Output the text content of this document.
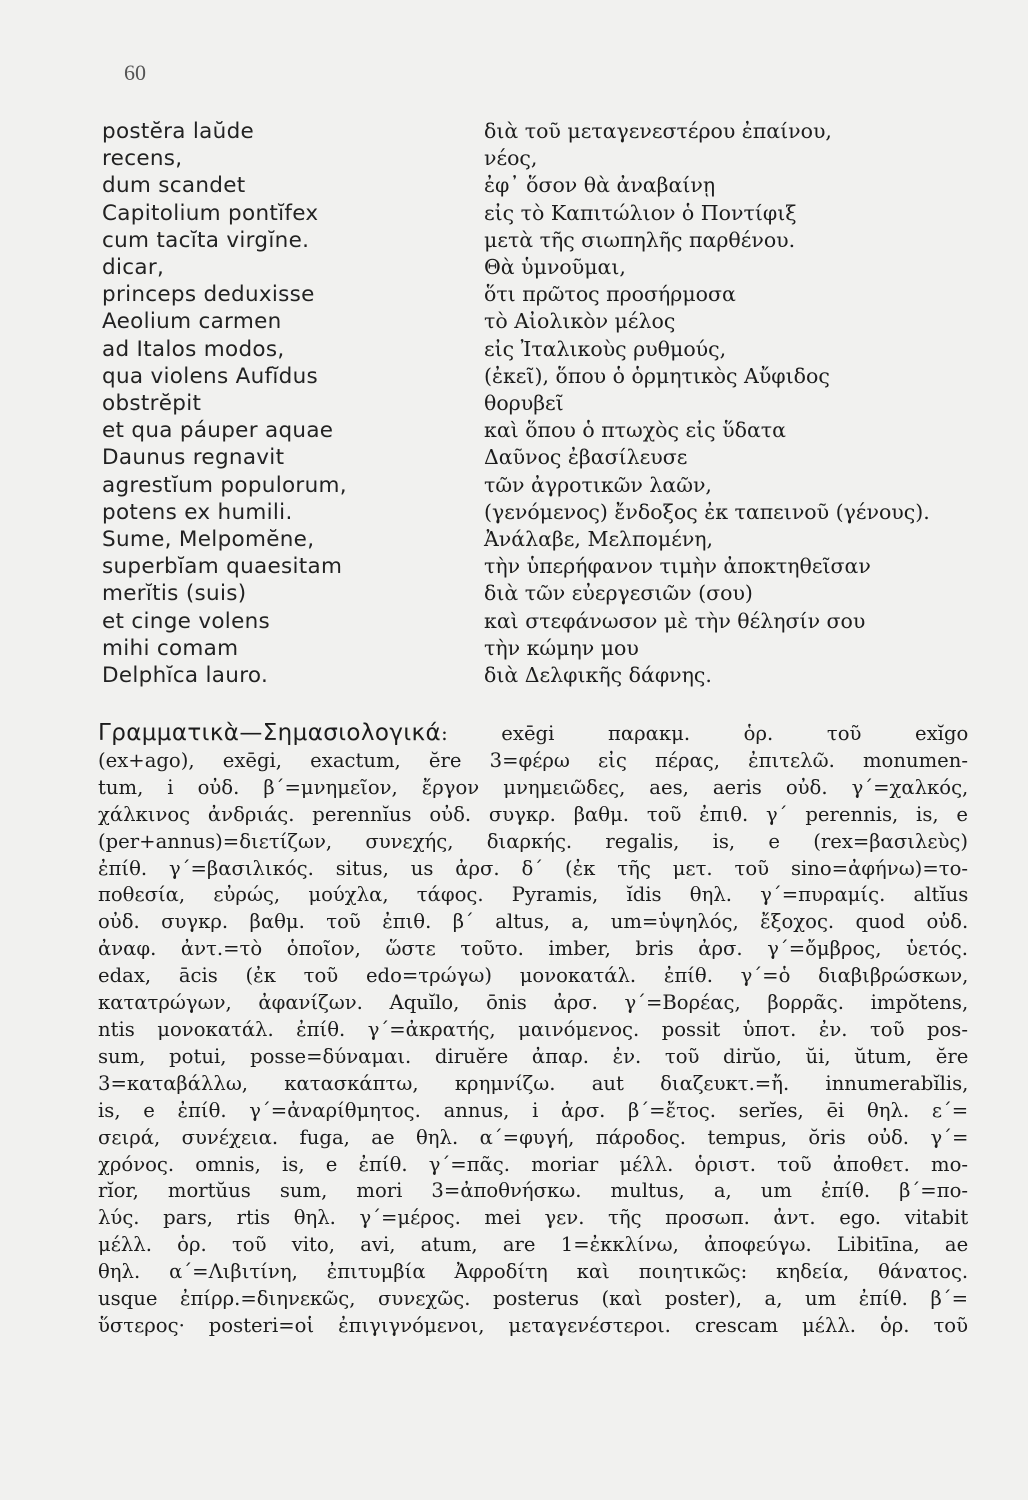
60
postĕra laŭde
recens,
dum scandet
Capitolium pontĭfex
cum tacĭta virgĭne.
dicar,
princeps deduxisse
Aeolium carmen
ad Italos modos,
qua violens Aufĭdus
obstrĕpit
et qua páuper aquae
Daunus regnavit
agrestĭum populorum,
potens ex humili.
Sume, Melpomĕne,
superbĭam quaesitam
merĭtis (suis)
et cinge volens
mihi comam
Delphĭca lauro.
διὰ τοῦ μεταγενεστέρου ἐπαίνου,
νέος,
ἐφ᾽ ὅσον θὰ ἀναβαίνῃ
εἰς τὸ Καπιτώλιον ὁ Ποντίφιξ
μετὰ τῆς σιωπηλῆς παρθένου.
Θὰ ὑμνοῦμαι,
ὅτι πρῶτος προσήρμοσα
τὸ Αἰολικὸν μέλος
εἰς Ἰταλικοὺς ρυθμούς,
(ἐκεῖ), ὅπου ὁ ὁρμητικὸς Αὔφιδος
θορυβεῖ
καὶ ὅπου ὁ πτωχὸς εἰς ὕδατα
Δαῦνος ἐβασίλευσε
τῶν ἀγροτικῶν λαῶν,
(γενόμενος) ἔνδοξος ἐκ ταπεινοῦ (γένους).
Ἀνάλαβε, Μελπομένη,
τὴν ὑπερήφανον τιμὴν ἀποκτηθεῖσαν
διὰ τῶν εὐεργεσιῶν (σου)
καὶ στεφάνωσον μὲ τὴν θέλησίν σου
τὴν κώμην μου
διὰ Δελφικῆς δάφνης.
Γραμματικὰ—Σημασιολογικά: exēgi παρακμ. ὁρ. τοῦ exĭgo
(ex+ago), exēgi, exactum, ĕre 3=φέρω εἰς πέρας, ἐπιτελῶ. monumen-
tum, i οὐδ. β΄=μνημεῖον, ἔργον μνημειῶδες, aes, aeris οὐδ. γ΄=χαλκός,
χάλκινος ἀνδριάς. perennĭus οὐδ. συγκρ. βαθμ. τοῦ ἐπιθ. γ΄ perennis, is, e
(per+annus)=διετίζων, συνεχής, διαρκής. regalis, is, e (rex=βασιλεὺς)
ἐπίθ. γ΄=βασιλικός. situs, us ἀρσ. δ΄ (ἐκ τῆς μετ. τοῦ sino=ἀφήνω)=το-
ποθεσία, εὐρώς, μούχλα, τάφος. Pyramis, ĭdis θηλ. γ΄=πυραμίς. altĭus
οὐδ. συγκρ. βαθμ. τοῦ ἐπιθ. β΄ altus, a, um=ὑψηλός, ἔξοχος. quod οὐδ.
ἀναφ. ἀντ.=τὸ ὁποῖον, ὥστε τοῦτο. imber, bris ἀρσ. γ΄=ὄμβρος, ὑετός.
edax, ācis (ἐκ τοῦ edo=τρώγω) μονοκατάλ. ἐπίθ. γ΄=ὁ διαβιβρώσκων,
κατατρώγων, ἀφανίζων. Aquĭlo, ōnis ἀρσ. γ΄=Βορέας, βορρᾶς. impŏtens,
ntis μονοκατάλ. ἐπίθ. γ΄=ἀκρατής, μαινόμενος. possit ὑποτ. ἐν. τοῦ pos-
sum, potui, posse=δύναμαι. diruĕre ἀπαρ. ἐν. τοῦ dirŭo, ŭi, ŭtum, ĕre
3=καταβάλλω, κατασκάπτω, κρημνίζω. aut διαζευκτ.=ἤ. innumerabĭlis,
is, e ἐπίθ. γ΄=ἀναρίθμητος. annus, i ἀρσ. β΄=ἔτος. serĭes, ēi θηλ. ε΄=
σειρά, συνέχεια. fuga, ae θηλ. α΄=φυγή, πάροδος. tempus, ŏris οὐδ. γ΄=
χρόνος. omnis, is, e ἐπίθ. γ΄=πᾶς. moriar μέλλ. ὁριστ. τοῦ ἀποθετ. mo-
rĭor, mortŭus sum, mori 3=ἀποθνήσκω. multus, a, um ἐπίθ. β΄=πο-
λύς. pars, rtis θηλ. γ΄=μέρος. mei γεν. τῆς προσωπ. ἀντ. ego. vitabit
μέλλ. ὁρ. τοῦ vito, avi, atum, are 1=ἐκκλίνω, ἀποφεύγω. Libitīna, ae
θηλ. α΄=Λιβιτίνη, ἐπιτυμβία Ἀφροδίτη καὶ ποιητικῶς: κηδεία, θάνατος.
usque ἐπίρρ.=διηνεκῶς, συνεχῶς. posterus (καὶ poster), a, um ἐπίθ. β΄=
ὕστερος· posteri=οἱ ἐπιγιγνόμενοι, μεταγενέστεροι. crescam μέλλ. ὁρ. τοῦ
